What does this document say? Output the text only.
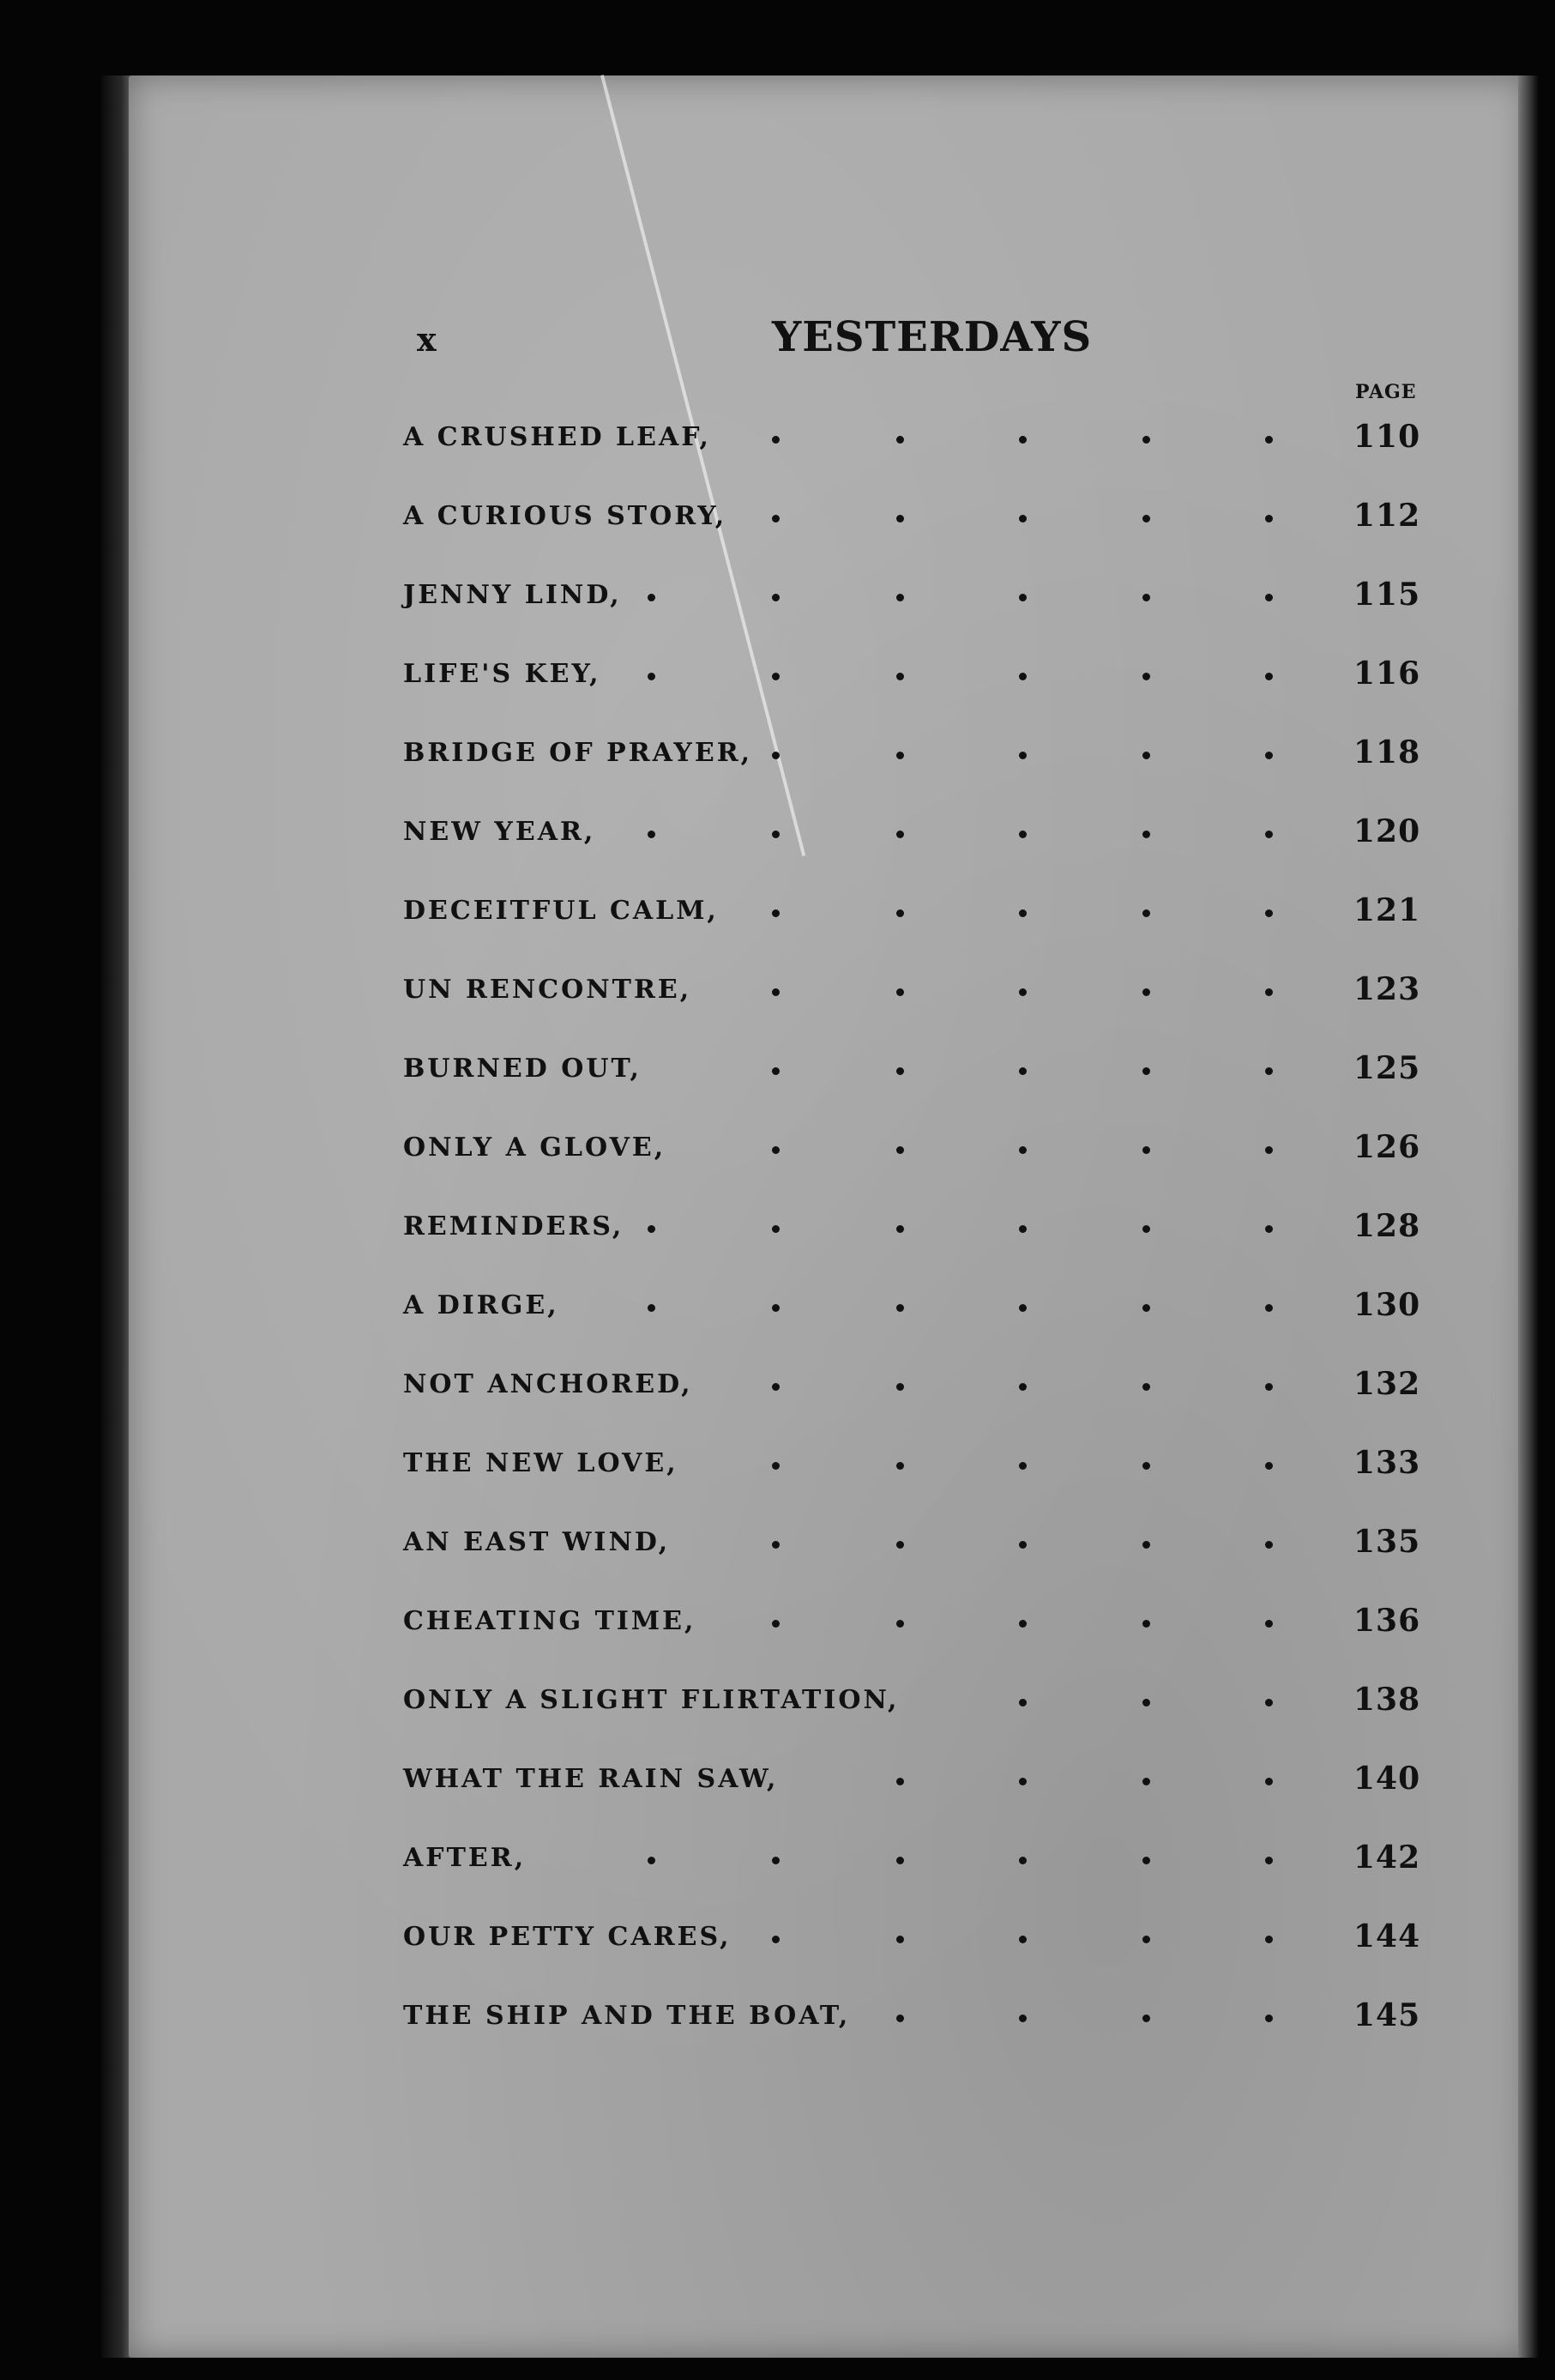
x	YESTERDAYS
PAGE
A CRUSHED LEAF,	110
A CURIOUS STORY,	112
JENNY LIND,	115
LIFE'S KEY,	116
BRIDGE OF PRAYER,	118
NEW YEAR,	120
DECEITFUL CALM,	121
UN RENCONTRE,	123
BURNED OUT,	125
ONLY A GLOVE,	126
REMINDERS,	128
A DIRGE,	130
NOT ANCHORED,	132
THE NEW LOVE,	133
AN EAST WIND,	135
CHEATING TIME,	136
ONLY A SLIGHT FLIRTATION,	138
WHAT THE RAIN SAW,	140
AFTER,	142
OUR PETTY CARES,	144
THE SHIP AND THE BOAT,	145
